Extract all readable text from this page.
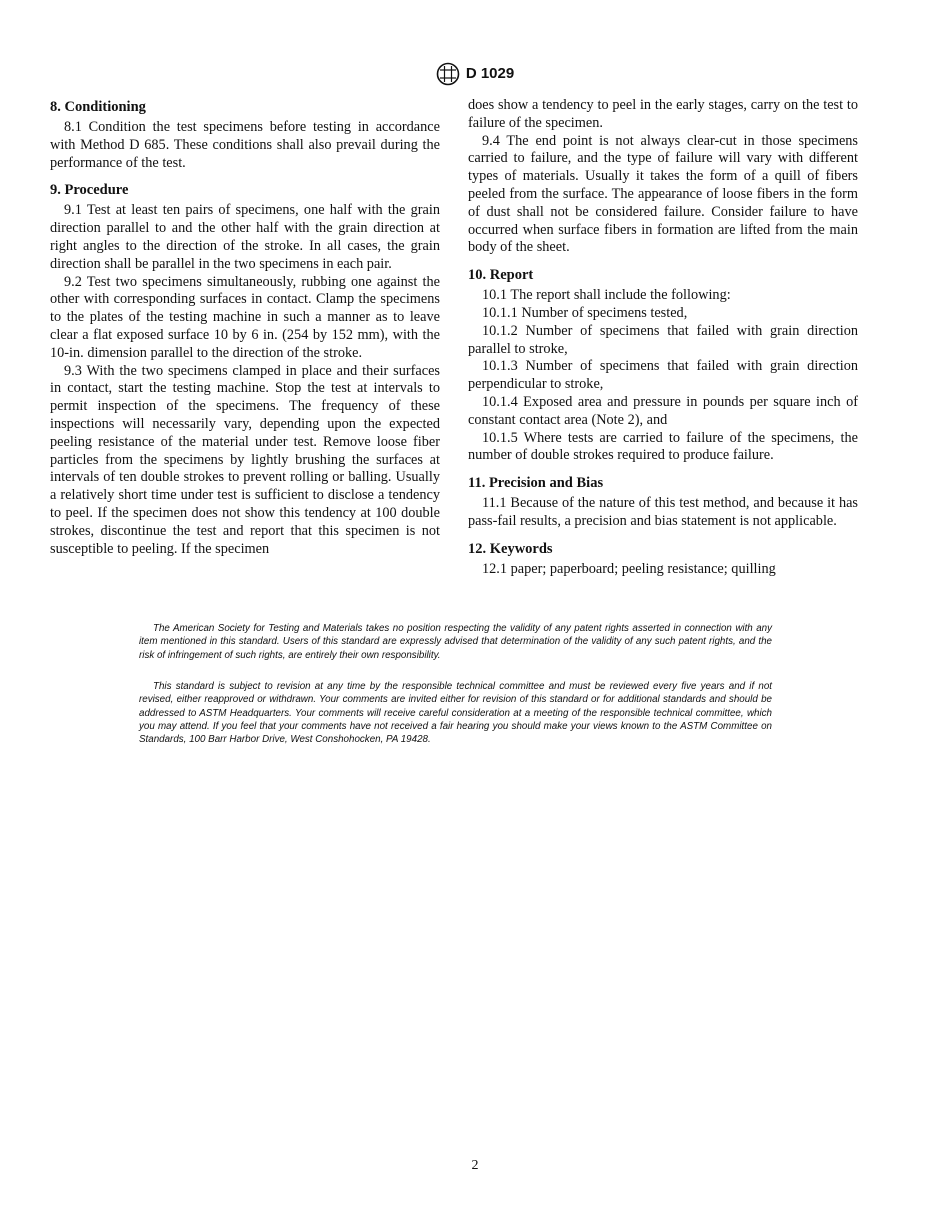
D 1029
8. Conditioning

8.1 Condition the test specimens before testing in accordance with Method D 685. These conditions shall also prevail during the performance of the test.

9. Procedure

9.1 Test at least ten pairs of specimens, one half with the grain direction parallel to and the other half with the grain direction at right angles to the direction of the stroke. In all cases, the grain direction shall be parallel in the two specimens in each pair.

9.2 Test two specimens simultaneously, rubbing one against the other with corresponding surfaces in contact. Clamp the specimens to the plates of the testing machine in such a manner as to leave clear a flat exposed surface 10 by 6 in. (254 by 152 mm), with the 10-in. dimension parallel to the direction of the stroke.

9.3 With the two specimens clamped in place and their surfaces in contact, start the testing machine. Stop the test at intervals to permit inspection of the specimens. The frequency of these inspections will necessarily vary, depending upon the expected peeling resistance of the material under test. Remove loose fiber particles from the specimens by lightly brushing the surfaces at intervals of ten double strokes to prevent rolling or balling. Usually a relatively short time under test is sufficient to disclose a tendency to peel. If the specimen does not show this tendency at 100 double strokes, discontinue the test and report that this specimen is not susceptible to peeling. If the specimen

does show a tendency to peel in the early stages, carry on the test to failure of the specimen.

9.4 The end point is not always clear-cut in those specimens carried to failure, and the type of failure will vary with different types of materials. Usually it takes the form of a quill of fibers peeled from the surface. The appearance of loose fibers in the form of dust shall not be considered failure. Consider failure to have occurred when surface fibers in formation are lifted from the main body of the sheet.

10. Report

10.1 The report shall include the following:

10.1.1 Number of specimens tested,

10.1.2 Number of specimens that failed with grain direction parallel to stroke,

10.1.3 Number of specimens that failed with grain direction perpendicular to stroke,

10.1.4 Exposed area and pressure in pounds per square inch of constant contact area (Note 2), and

10.1.5 Where tests are carried to failure of the specimens, the number of double strokes required to produce failure.

11. Precision and Bias

11.1 Because of the nature of this test method, and because it has pass-fail results, a precision and bias statement is not applicable.

12. Keywords

12.1 paper; paperboard; peeling resistance; quilling

The American Society for Testing and Materials takes no position respecting the validity of any patent rights asserted in connection with any item mentioned in this standard. Users of this standard are expressly advised that determination of the validity of any such patent rights, and the risk of infringement of such rights, are entirely their own responsibility.

This standard is subject to revision at any time by the responsible technical committee and must be reviewed every five years and if not revised, either reapproved or withdrawn. Your comments are invited either for revision of this standard or for additional standards and should be addressed to ASTM Headquarters. Your comments will receive careful consideration at a meeting of the responsible technical committee, which you may attend. If you feel that your comments have not received a fair hearing you should make your views known to the ASTM Committee on Standards, 100 Barr Harbor Drive, West Conshohocken, PA 19428.

2
